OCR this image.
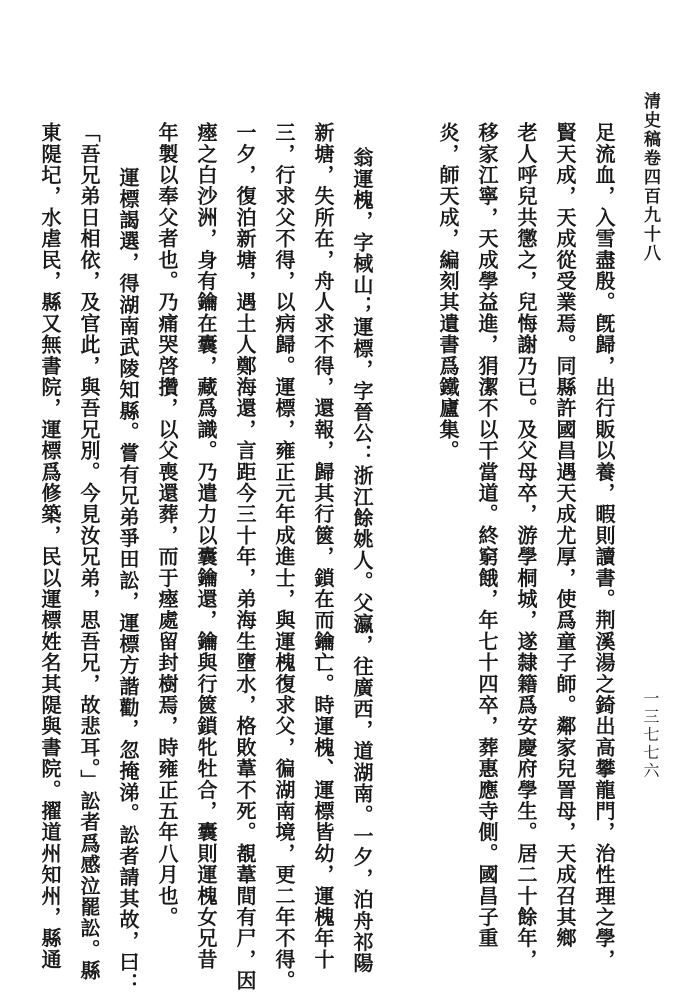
清史稿卷四百九十八
一三七七六
足流血，入雪盡殷。旣歸，出行販以養，暇則讀書。荆溪湯之錡出高攀龍門，治性理之學，
賢天成，天成從受業焉。同縣許國昌遇天成尤厚，使爲童子師。鄰家兒詈母，天成召其鄉
老人呼兒共懲之，兒悔謝乃已。及父母卒，游學桐城，遂隸籍爲安慶府學生。居二十餘年，
移家江寧，天成學益進，狷潔不以干當道。終窮餓，年七十四卒，葬惠應寺側。國昌子重
炎，師天成，編刻其遺書爲鐵廬集。
翁運槐，字棫山；運標，字晉公：浙江餘姚人。父瀛，往廣西，道湖南。一夕，泊舟祁陽
新塘，失所在，舟人求不得，還報，歸其行篋，鎖在而鑰亡。時運槐、運標皆幼，運槐年十
三，行求父不得，以病歸。運標，雍正元年成進士，與運槐復求父，徧湖南境，更二年不得。
一夕，復泊新塘，遇土人鄭海還，言距今三十年，弟海生墮水，格敗葦不死。覩葦間有尸，因
瘞之白沙洲，身有鑰在囊，藏爲識。乃遣力以囊鑰還，鑰與行篋鎖牝牡合，囊則運槐女兄昔
年製以奉父者也。乃痛哭啓攢，以父喪還葬，而于瘞處留封樹焉，時雍正五年八月也。
運標謁選，得湖南武陵知縣。嘗有兄弟爭田訟，運標方諧勸，忽掩涕。訟者請其故，曰：
「吾兄弟日相依，及官此，與吾兄別。今見汝兄弟，思吾兄，故悲耳。」訟者爲感泣罷訟。縣
東隄圮，水虐民，縣又無書院，運標爲修築，民以運標姓名其隄與書院。擢道州知州，縣通
